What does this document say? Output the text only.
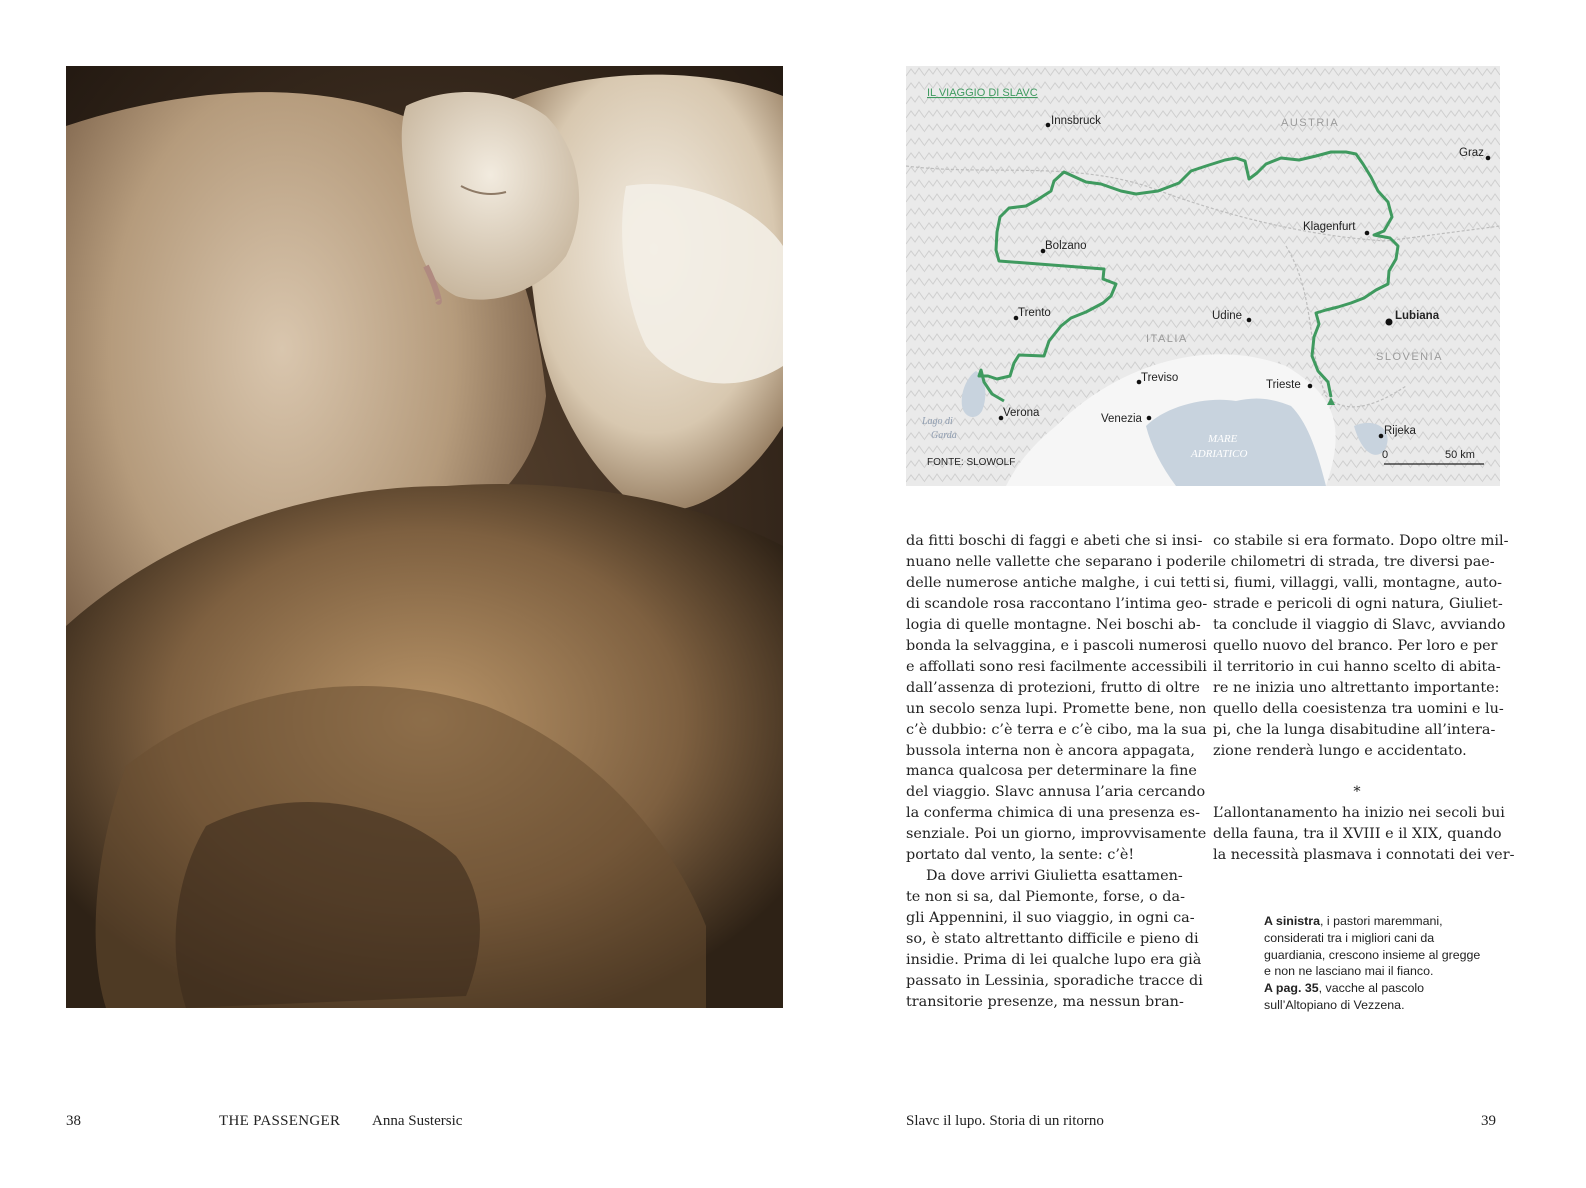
IL VIAGGIO DI SLAVC
FONTE: SLOWOLF
AUSTRIA
ITALIA
SLOVENIA
MARE
ADRIATICO
Lago di
Garda
Innsbruck
Graz
Klagenfurt
Bolzano
Trento	Udine	Lubiana
Treviso
Trieste
Verona	Venezia
Rijeka
0	50 km

da fitti boschi di faggi e abeti che si insi-

nuano nelle vallette che separano i poderi

delle numerose antiche malghe, i cui tetti

di scandole rosa raccontano l’intima geo-

logia di quelle montagne. Nei boschi ab-

bonda la selvaggina, e i pascoli numerosi

e affollati sono resi facilmente accessibili

dall’assenza di protezioni, frutto di oltre

un secolo senza lupi. Promette bene, non

c’è dubbio: c’è terra e c’è cibo, ma la sua

bussola interna non è ancora appagata,

manca qualcosa per determinare la fine

del viaggio. Slavc annusa l’aria cercando

la conferma chimica di una presenza es-

senziale. Poi un giorno, improvvisamente

portato dal vento, la sente: c’è!

Da dove arrivi Giulietta esattamen-

te non si sa, dal Piemonte, forse, o da-

gli Appennini, il suo viaggio, in ogni ca-

so, è stato altrettanto difficile e pieno di

insidie. Prima di lei qualche lupo era già

passato in Lessinia, sporadiche tracce di

transitorie presenze, ma nessun bran-

co stabile si era formato. Dopo oltre mil-

le chilometri di strada, tre diversi pae-

si, fiumi, villaggi, valli, montagne, auto-

strade e pericoli di ogni natura, Giuliet-

ta conclude il viaggio di Slavc, avviando

quello nuovo del branco. Per loro e per

il territorio in cui hanno scelto di abita-

re ne inizia uno altrettanto importante:

quello della coesistenza tra uomini e lu-

pi, che la lunga disabitudine all’intera-

zione renderà lungo e accidentato.

*

L’allontanamento ha inizio nei secoli bui

della fauna, tra il XVIII e il XIX, quando

la necessità plasmava i connotati dei ver-

A sinistra, i pastori maremmani,
considerati tra i migliori cani da
guardiania, crescono insieme al gregge
e non ne lasciano mai il fianco.
A pag. 35, vacche al pascolo
sull’Altopiano di Vezzena.
38	THE PASSENGER Anna Sustersic	Slavc il lupo. Storia di un ritorno	39
